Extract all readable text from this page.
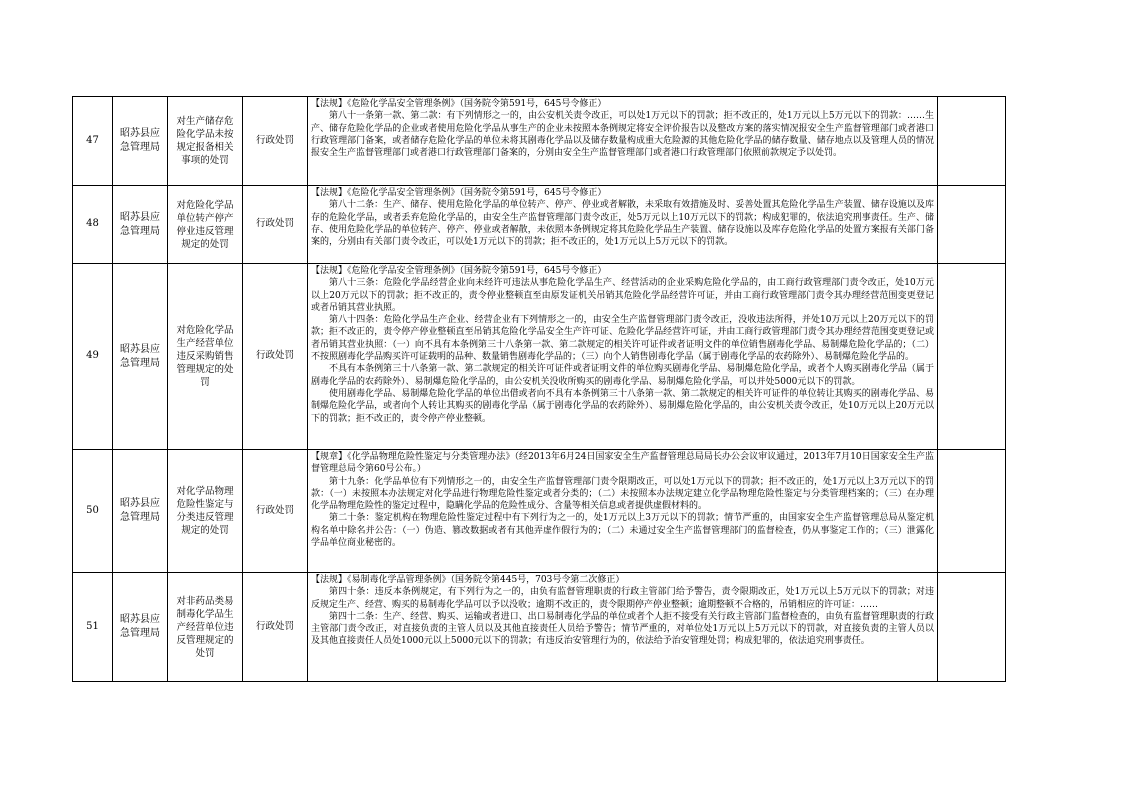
47	昭苏县应急管理局	对生产储存危险化学品未按规定报备相关事项的处罚	行政处罚	【法规】《危险化学品安全管理条例》（国务院令第591号，645号令修正）

第八十一条第一款、第二款：有下列情形之一的，由公安机关责令改正，可以处1万元以下的罚款；拒不改正的，处1万元以上5万元以下的罚款：……生产、储存危险化学品的企业或者使用危险化学品从事生产的企业未按照本条例规定将安全评价报告以及整改方案的落实情况报安全生产监督管理部门或者港口行政管理部门备案，或者储存危险化学品的单位未将其剧毒化学品以及储存数量构成重大危险源的其他危险化学品的储存数量、储存地点以及管理人员的情况报安全生产监督管理部门或者港口行政管理部门备案的，分别由安全生产监督管理部门或者港口行政管理部门依照前款规定予以处罚。	

48	昭苏县应急管理局	对危险化学品单位转产停产停业违反管理规定的处罚	行政处罚	【法规】《危险化学品安全管理条例》（国务院令第591号，645号令修正）

第八十二条：生产、储存、使用危险化学品的单位转产、停产、停业或者解散，未采取有效措施及时、妥善处置其危险化学品生产装置、储存设施以及库存的危险化学品，或者丢弃危险化学品的，由安全生产监督管理部门责令改正，处5万元以上10万元以下的罚款；构成犯罪的，依法追究刑事责任。生产、储存、使用危险化学品的单位转产、停产、停业或者解散，未依照本条例规定将其危险化学品生产装置、储存设施以及库存危险化学品的处置方案报有关部门备案的，分别由有关部门责令改正，可以处1万元以下的罚款；拒不改正的，处1万元以上5万元以下的罚款。	

49	昭苏县应急管理局	对危险化学品生产经营单位违反采购销售管理规定的处罚	行政处罚	【法规】《危险化学品安全管理条例》（国务院令第591号，645号令修正）

第八十三条：危险化学品经营企业向未经许可违法从事危险化学品生产、经营活动的企业采购危险化学品的，由工商行政管理部门责令改正，处10万元以上20万元以下的罚款；拒不改正的，责令停业整顿直至由原发证机关吊销其危险化学品经营许可证，并由工商行政管理部门责令其办理经营范围变更登记或者吊销其营业执照。

第八十四条：危险化学品生产企业、经营企业有下列情形之一的，由安全生产监督管理部门责令改正，没收违法所得，并处10万元以上20万元以下的罚款；拒不改正的，责令停产停业整顿直至吊销其危险化学品安全生产许可证、危险化学品经营许可证，并由工商行政管理部门责令其办理经营范围变更登记或者吊销其营业执照：（一）向不具有本条例第三十八条第一款、第二款规定的相关许可证件或者证明文件的单位销售剧毒化学品、易制爆危险化学品的；（二）不按照剧毒化学品购买许可证载明的品种、数量销售剧毒化学品的；（三）向个人销售剧毒化学品（属于剧毒化学品的农药除外）、易制爆危险化学品的。

不具有本条例第三十八条第一款、第二款规定的相关许可证件或者证明文件的单位购买剧毒化学品、易制爆危险化学品，或者个人购买剧毒化学品（属于剧毒化学品的农药除外）、易制爆危险化学品的，由公安机关没收所购买的剧毒化学品、易制爆危险化学品，可以并处5000元以下的罚款。

使用剧毒化学品、易制爆危险化学品的单位出借或者向不具有本条例第三十八条第一款、第二款规定的相关许可证件的单位转让其购买的剧毒化学品、易制爆危险化学品，或者向个人转让其购买的剧毒化学品（属于剧毒化学品的农药除外）、易制爆危险化学品的，由公安机关责令改正，处10万元以上20万元以下的罚款；拒不改正的，责令停产停业整顿。	

50	昭苏县应急管理局	对化学品物理危险性鉴定与分类违反管理规定的处罚	行政处罚	【规章】《化学品物理危险性鉴定与分类管理办法》（经2013年6月24日国家安全生产监督管理总局局长办公会议审议通过，2013年7月10日国家安全生产监督管理总局令第60号公布。）

第十九条：化学品单位有下列情形之一的，由安全生产监督管理部门责令限期改正，可以处1万元以下的罚款；拒不改正的，处1万元以上3万元以下的罚款：（一）未按照本办法规定对化学品进行物理危险性鉴定或者分类的；（二）未按照本办法规定建立化学品物理危险性鉴定与分类管理档案的；（三）在办理化学品物理危险性的鉴定过程中，隐瞒化学品的危险性成分、含量等相关信息或者提供虚假材料的。

第二十条：鉴定机构在物理危险性鉴定过程中有下列行为之一的，处1万元以上3万元以下的罚款；情节严重的，由国家安全生产监督管理总局从鉴定机构名单中除名并公告：（一）伪造、篡改数据或者有其他弄虚作假行为的；（二）未通过安全生产监督管理部门的监督检查，仍从事鉴定工作的；（三）泄露化学品单位商业秘密的。	

51	昭苏县应急管理局	对非药品类易制毒化学品生产经营单位违反管理规定的处罚	行政处罚	【法规】《易制毒化学品管理条例》（国务院令第445号，703号令第二次修正）

第四十条：违反本条例规定，有下列行为之一的，由负有监督管理职责的行政主管部门给予警告，责令限期改正，处1万元以上5万元以下的罚款；对违反规定生产、经营、购买的易制毒化学品可以予以没收；逾期不改正的，责令限期停产停业整顿；逾期整顿不合格的，吊销相应的许可证：……

第四十二条：生产、经营、购买、运输或者进口、出口易制毒化学品的单位或者个人拒不接受有关行政主管部门监督检查的，由负有监督管理职责的行政主管部门责令改正，对直接负责的主管人员以及其他直接责任人员给予警告；情节严重的，对单位处1万元以上5万元以下的罚款，对直接负责的主管人员以及其他直接责任人员处1000元以上5000元以下的罚款；有违反治安管理行为的，依法给予治安管理处罚；构成犯罪的，依法追究刑事责任。	
